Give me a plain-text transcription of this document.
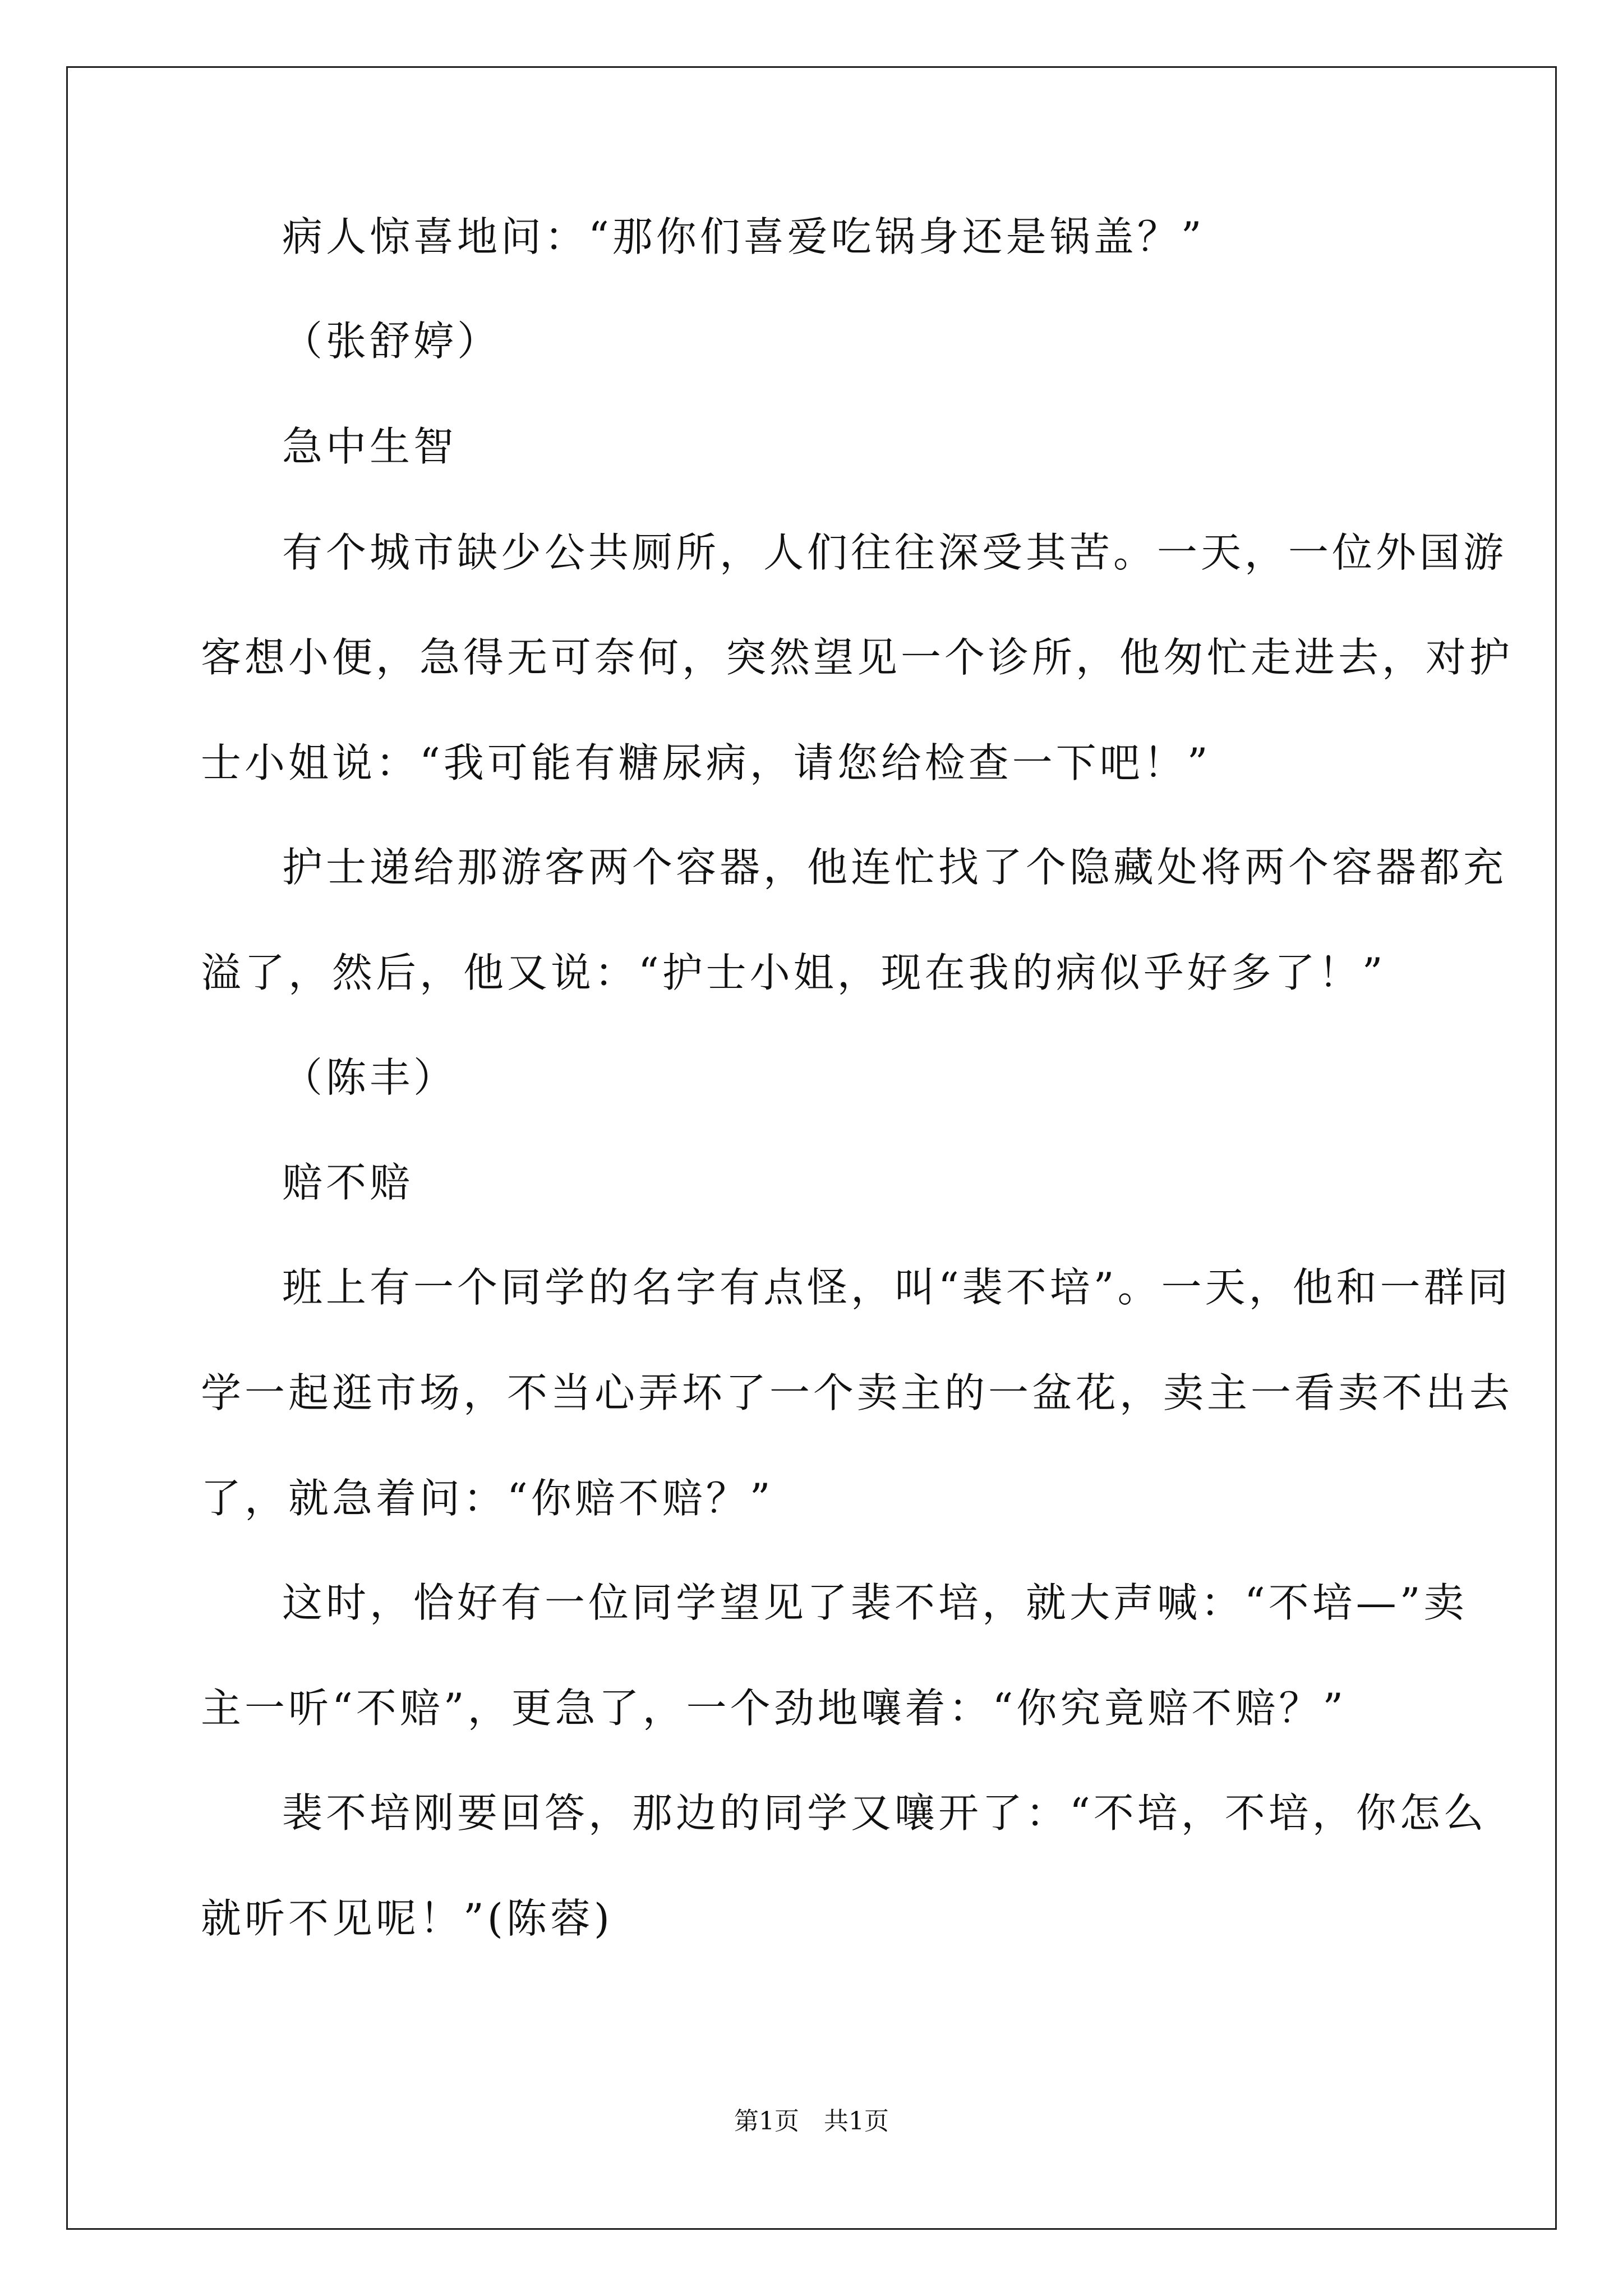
病人惊喜地问：“那你们喜爱吃锅身还是锅盖？”
（张舒婷）
急中生智
有个城市缺少公共厕所，人们往往深受其苦。一天，一位外国游
客想小便，急得无可奈何，突然望见一个诊所，他匆忙走进去，对护
士小姐说：“我可能有糖尿病，请您给检查一下吧！”
护士递给那游客两个容器，他连忙找了个隐藏处将两个容器都充
溢了，然后，他又说：“护士小姐，现在我的病似乎好多了！”
（陈丰）
赔不赔
班上有一个同学的名字有点怪，叫“裴不培”。一天，他和一群同
学一起逛市场，不当心弄坏了一个卖主的一盆花，卖主一看卖不出去
了，就急着问：“你赔不赔？”
这时，恰好有一位同学望见了裴不培，就大声喊：“不培—”卖
主一听“不赔”，更急了，一个劲地嚷着：“你究竟赔不赔？”
裴不培刚要回答，那边的同学又嚷开了：“不培，不培，你怎么
就听不见呢！”(陈蓉)
第1页　共1页
